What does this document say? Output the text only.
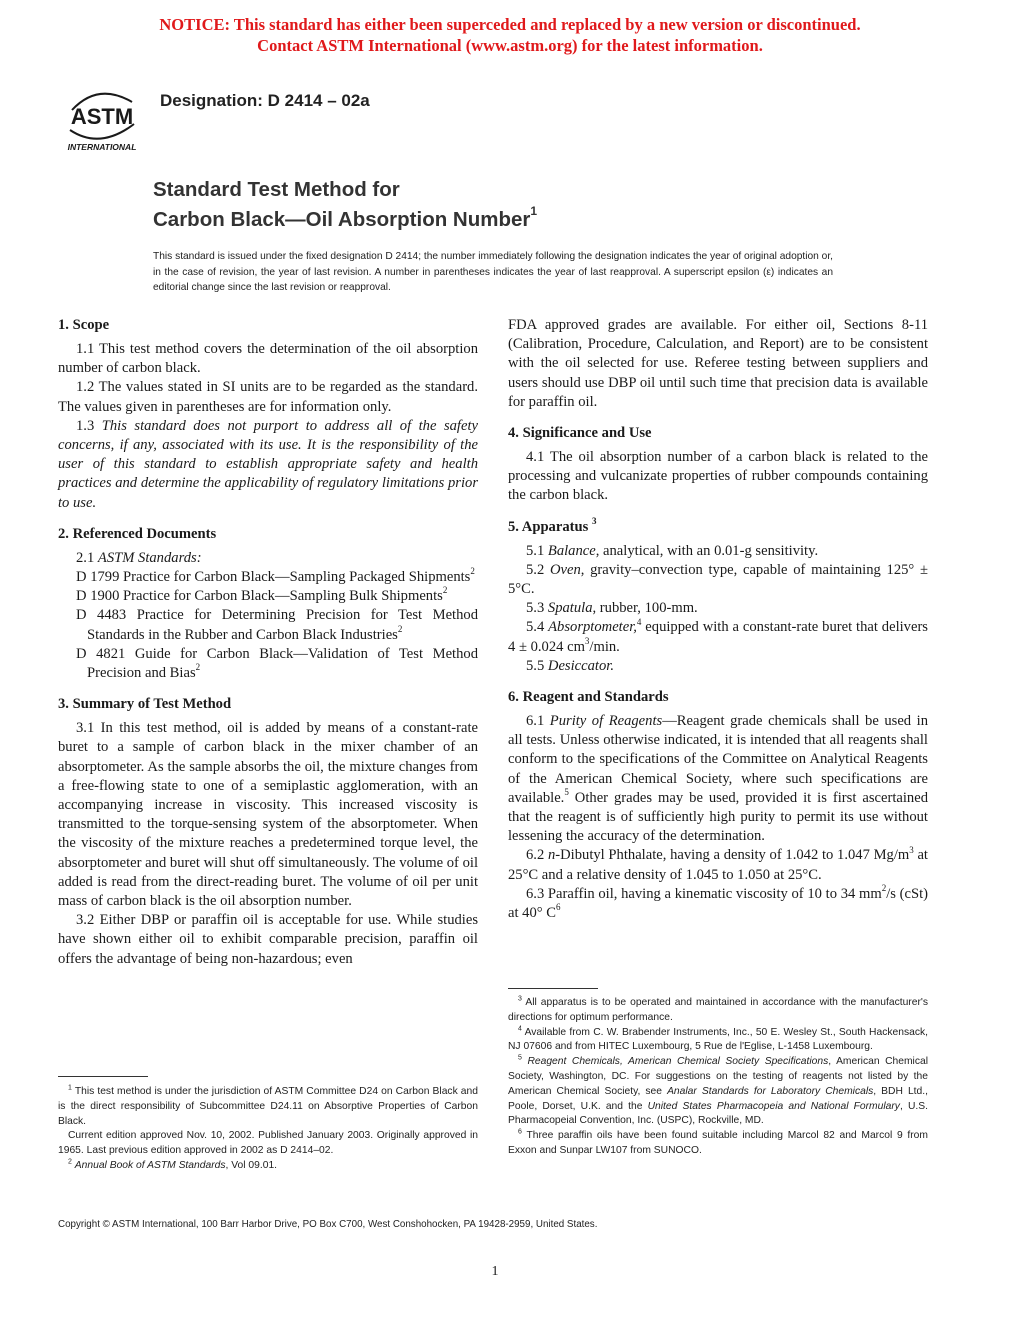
NOTICE: This standard has either been superceded and replaced by a new version or discontinued.
Contact ASTM International (www.astm.org) for the latest information.
ASTM
INTERNATIONAL
Designation: D 2414 – 02a
Standard Test Method for
Carbon Black—Oil Absorption Number$^1$
This standard is issued under the fixed designation D 2414; the number immediately following the designation indicates the year of original adoption or, in the case of revision, the year of last revision. A number in parentheses indicates the year of last reapproval. A superscript epsilon (ε) indicates an editorial change since the last revision or reapproval.
1. Scope

1.1 This test method covers the determination of the oil absorption number of carbon black.

1.2 The values stated in SI units are to be regarded as the standard. The values given in parentheses are for information only.

1.3 This standard does not purport to address all of the safety concerns, if any, associated with its use. It is the responsibility of the user of this standard to establish appropriate safety and health practices and determine the applicability of regulatory limitations prior to use.

2. Referenced Documents

2.1 ASTM Standards:

D 1799 Practice for Carbon Black—Sampling Packaged Shipments$^2$

D 1900 Practice for Carbon Black—Sampling Bulk Shipments$^2$

D 4483 Practice for Determining Precision for Test Method Standards in the Rubber and Carbon Black Industries$^2$

D 4821 Guide for Carbon Black—Validation of Test Method Precision and Bias$^2$

3. Summary of Test Method

3.1 In this test method, oil is added by means of a constant-rate buret to a sample of carbon black in the mixer chamber of an absorptometer. As the sample absorbs the oil, the mixture changes from a free-flowing state to one of a semiplastic agglomeration, with an accompanying increase in viscosity. This increased viscosity is transmitted to the torque-sensing system of the absorptometer. When the viscosity of the mixture reaches a predetermined torque level, the absorptometer and buret will shut off simultaneously. The volume of oil added is read from the direct-reading buret. The volume of oil per unit mass of carbon black is the oil absorption number.

3.2 Either DBP or paraffin oil is acceptable for use. While studies have shown either oil to exhibit comparable precision, paraffin oil offers the advantage of being non-hazardous; even

FDA approved grades are available. For either oil, Sections 8-11 (Calibration, Procedure, Calculation, and Report) are to be consistent with the oil selected for use. Referee testing between suppliers and users should use DBP oil until such time that precision data is available for paraffin oil.

4. Significance and Use

4.1 The oil absorption number of a carbon black is related to the processing and vulcanizate properties of rubber compounds containing the carbon black.

5. Apparatus $^3$

5.1 Balance, analytical, with an 0.01-g sensitivity.

5.2 Oven, gravity–convection type, capable of maintaining 125° ± 5°C.

5.3 Spatula, rubber, 100-mm.

5.4 Absorptometer,$^4$ equipped with a constant-rate buret that delivers 4 ± 0.024 $cm^3/\min$.

5.5 Desiccator.

6. Reagent and Standards

6.1 Purity of Reagents—Reagent grade chemicals shall be used in all tests. Unless otherwise indicated, it is intended that all reagents shall conform to the specifications of the Committee on Analytical Reagents of the American Chemical Society, where such specifications are available.$^5$ Other grades may be used, provided it is first ascertained that the reagent is of sufficiently high purity to permit its use without lessening the accuracy of the determination.

6.2 n-Dibutyl Phthalate, having a density of 1.042 to 1.047 $Mg/m^3$ at 25°C and a relative density of 1.045 to 1.050 at 25°C.

6.3 Paraffin oil, having a kinematic viscosity of 10 to 34 $mm^2/s$ (cSt) at 40° $C^6$

$^1$ This test method is under the jurisdiction of ASTM Committee D24 on Carbon Black and is the direct responsibility of Subcommittee D24.11 on Absorptive Properties of Carbon Black.

Current edition approved Nov. 10, 2002. Published January 2003. Originally approved in 1965. Last previous edition approved in 2002 as D 2414–02.

$^2$ Annual Book of ASTM Standards, Vol 09.01.

$^3$ All apparatus is to be operated and maintained in accordance with the manufacturer's directions for optimum performance.

$^4$ Available from C. W. Brabender Instruments, Inc., 50 E. Wesley St., South Hackensack, NJ 07606 and from HITEC Luxembourg, 5 Rue de l'Eglise, L-1458 Luxembourg.

$^5$ Reagent Chemicals, American Chemical Society Specifications, American Chemical Society, Washington, DC. For suggestions on the testing of reagents not listed by the American Chemical Society, see Analar Standards for Laboratory Chemicals, BDH Ltd., Poole, Dorset, U.K. and the United States Pharmacopeia and National Formulary, U.S. Pharmacopeial Convention, Inc. (USPC), Rockville, MD.

$^6$ Three paraffin oils have been found suitable including Marcol 82 and Marcol 9 from Exxon and Sunpar LW107 from SUNOCO.

Copyright © ASTM International, 100 Barr Harbor Drive, PO Box C700, West Conshohocken, PA 19428-2959, United States.
1
